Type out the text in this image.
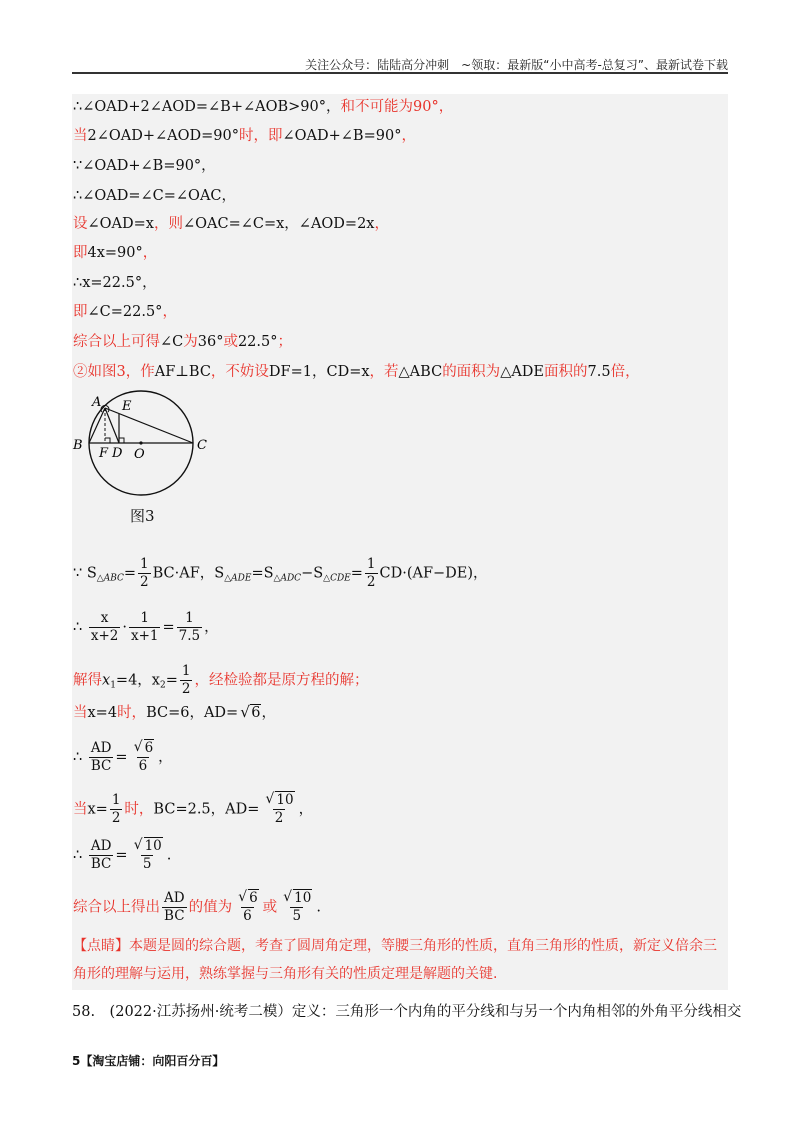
关注公众号：陆陆高分冲刺　~领取：最新版“小中高考-总复习”、最新试卷下载
∴∠OAD+2∠AOD=∠B+∠AOB>90°，和不可能为90°，
当2∠OAD+∠AOD=90°时，即∠OAD+∠B=90°，
∵∠OAD+∠B=90°，
∴∠OAD=∠C=∠OAC，
设∠OAD=x，则∠OAC=∠C=x，∠AOD=2x，
即4x=90°，
∴x=22.5°，
即∠C=22.5°，
综合以上可得∠C为36°或22.5°；
②如图3，作AF⊥BC，不妨设DF=1，CD=x，若△ABC的面积为△ADE面积的7.5倍，
A E
B	C
F D O
图3
∵ $S_{\triangle ABC}= \frac{1}{2} BC\cdot AF$，$S_{\triangle ADE}=S_{\triangle ADC}-S_{\triangle CDE}= \frac{1}{2} CD\cdot(AF-DE)$，
∴ $\frac{x}{x+2} \cdot \frac{1}{x+1} = \frac{1}{7.5}$ ，
解得$x_1=4$，$x_2= \frac{1}{2}$ ，经检验都是原方程的解；
当x=4时，BC=6，AD= √ 6，
∴ $\frac{AD}{BC}$ = √ $\frac{6}{6}$ ，
当$x= \frac{1}{2}$ 时，BC=2.5，AD= √ $\frac{10}{2}$ ，
∴ $\frac{AD}{BC}$ = √ $\frac{10}{5}$ .
综合以上得出 $\frac{AD}{BC}$ 的值为 √ $\frac{6}{6}$ 或 √ $\frac{10}{5}$ .
【点睛】本题是圆的综合题，考查了圆周角定理，等腰三角形的性质，直角三角形的性质，新定义倍余三角形的理解与运用，熟练掌握与三角形有关的性质定理是解题的关键.
58.　(2022·江苏扬州·统考二模）定义：三角形一个内角的平分线和与另一个内角相邻的外角平分线相交
5【淘宝店铺：向阳百分百】
